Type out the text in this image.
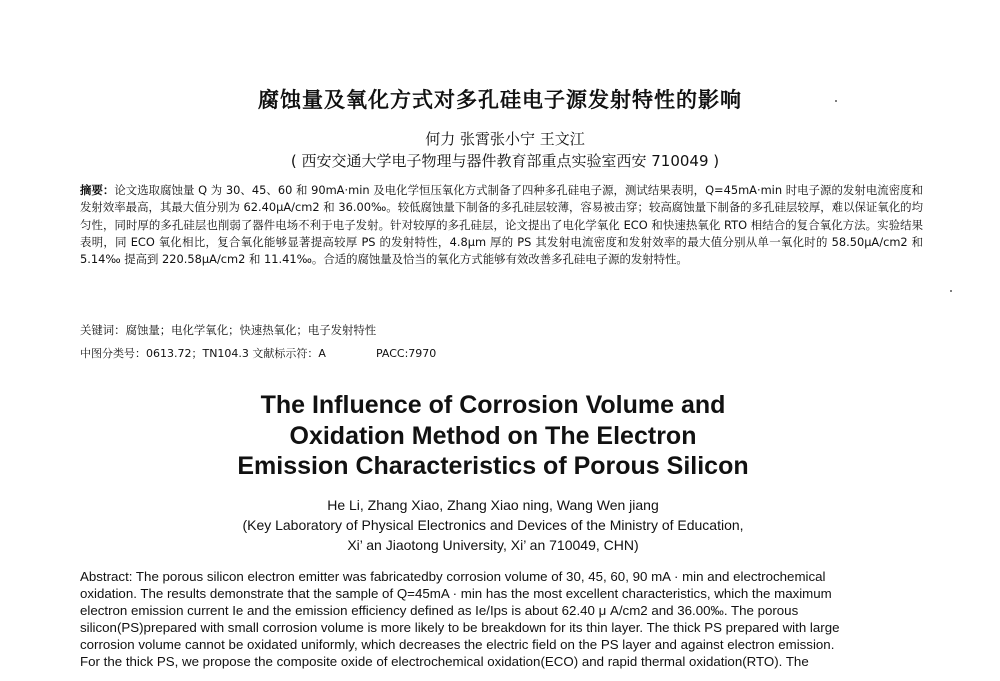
腐蚀量及氧化方式对多孔硅电子源发射特性的影响
何力 张霄张小宁 王文江
( 西安交通大学电子物理与器件教育部重点实验室西安 710049 )
摘要：论文选取腐蚀量 Q 为 30、45、60 和 90mA·min 及电化学恒压氧化方式制备了四种多孔硅电子源，测试结果表明，Q=45mA·min 时电子源的发射电流密度和发射效率最高，其最大值分别为 62.40μA/cm2 和 36.00‰。较低腐蚀量下制备的多孔硅层较薄，容易被击穿；较高腐蚀量下制备的多孔硅层较厚，难以保证氧化的均匀性，同时厚的多孔硅层也削弱了器件电场不利于电子发射。针对较厚的多孔硅层，论文提出了电化学氧化 ECO 和快速热氧化 RTO 相结合的复合氧化方法。实验结果表明，同 ECO 氧化相比，复合氧化能够显著提高较厚 PS 的发射特性，4.8μm 厚的 PS 其发射电流密度和发射效率的最大值分别从单一氧化时的 58.50μA/cm2 和 5.14‰ 提高到 220.58μA/cm2 和 11.41‰。合适的腐蚀量及恰当的氧化方式能够有效改善多孔硅电子源的发射特性。
关键词：腐蚀量；电化学氧化；快速热氧化；电子发射特性
中图分类号：0613.72；TN104.3 文献标示符：A	PACC:7970
The Influence of Corrosion Volume and
Oxidation Method on The Electron
Emission Characteristics of Porous Silicon
He Li, Zhang Xiao, Zhang Xiao ning, Wang Wen jiang
(Key Laboratory of Physical Electronics and Devices of the Ministry of Education,
Xi’ an Jiaotong University, Xi’ an 710049, CHN)
Abstract: The porous silicon electron emitter was fabricatedby corrosion volume of 30, 45, 60, 90 mA · min and electrochemical
oxidation. The results demonstrate that the sample of Q=45mA · min has the most excellent characteristics, which the maximum
electron emission current Ie and the emission efficiency defined as Ie/Ips is about 62.40 μ A/cm2 and 36.00‰. The porous
silicon(PS)prepared with small corrosion volume is more likely to be breakdown for its thin layer. The thick PS prepared with large
corrosion volume cannot be oxidated uniformly, which decreases the electric field on the PS layer and against electron emission.
For the thick PS, we propose the composite oxide of electrochemical oxidation(ECO) and rapid thermal oxidation(RTO). The
